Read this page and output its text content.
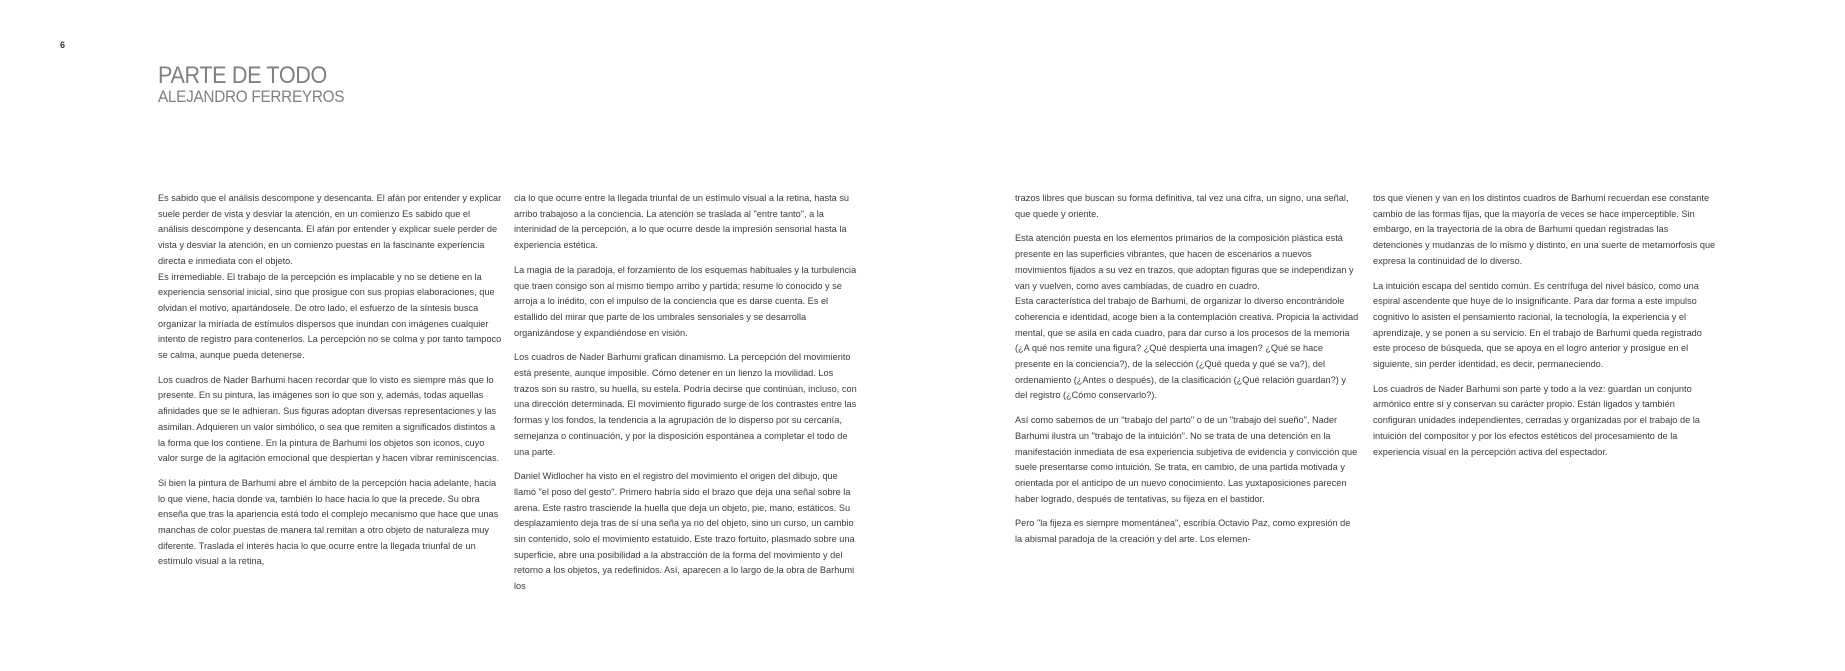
6
PARTE DE TODO
ALEJANDRO FERREYROS

Es sabido que el análisis descompone y desencanta. El afán por entender y explicar suele perder de vista y desviar la atención, en un comienzo Es sabido que el análisis descompone y desencanta. El afán por entender y explicar suele perder de vista y desviar la atención, en un comienzo puestas en la fascinante experiencia directa e inmediata con el objeto.

Es irremediable. El trabajo de la percepción es implacable y no se detiene en la experiencia sensorial inicial, sino que prosigue con sus propias elaboraciones, que olvidan el motivo, apartándosele. De otro lado, el esfuerzo de la síntesis busca organizar la miríada de estímulos dispersos que inundan con imágenes cualquier intento de registro para contenerlos. La percepción no se colma y por tanto tampoco se calma, aunque pueda detenerse.

Los cuadros de Nader Barhumi hacen recordar que lo visto es siempre más que lo presente. En su pintura, las imágenes son lo que son y, además, todas aquellas afinidades que se le adhieran. Sus figuras adoptan diversas representaciones y las asimilan. Adquieren un valor simbólico, o sea que remiten a significados distintos a la forma que los contiene. En la pintura de Barhumi los objetos son iconos, cuyo valor surge de la agitación emocional que despiertan y hacen vibrar reminiscencias.

Si bien la pintura de Barhumi abre el ámbito de la percepción hacia adelante, hacia lo que viene, hacia donde va, también lo hace hacia lo que la precede. Su obra enseña que tras la apariencia está todo el complejo mecanismo que hace que unas manchas de color puestas de manera tal remitan a otro objeto de naturaleza muy diferente. Traslada el interés hacia lo que ocurre entre la llegada triunfal de un estímulo visual a la retina,

cia lo que ocurre entre la llegada triunfal de un estímulo visual a la retina, hasta su arribo trabajoso a la conciencia. La atención se traslada al "entre tanto", a la interinidad de la percepción, a lo que ocurre desde la impresión sensorial hasta la experiencia estética.

La magia de la paradoja, el forzamiento de los esquemas habituales y la turbulencia que traen consigo son al mismo tiempo arribo y partida; resume lo conocido y se arroja a lo inédito, con el impulso de la conciencia que es darse cuenta. Es el estallido del mirar que parte de los umbrales sensoriales y se desarrolla organizándose y expandiéndose en visión.

Los cuadros de Nader Barhumi grafican dinamismo. La percepción del movimiento está presente, aunque imposible. Cómo detener en un lienzo la movilidad. Los trazos son su rastro, su huella, su estela. Podría decirse que continúan, incluso, con una dirección determinada. El movimiento figurado surge de los contrastes entre las formas y los fondos, la tendencia a la agrupación de lo disperso por su cercanía, semejanza o continuación, y por la disposición espontánea a completar el todo de una parte.

Daniel Widlocher ha visto en el registro del movimiento el origen del dibujo, que llamó "el poso del gesto". Primero habría sido el brazo que deja una señal sobre la arena. Este rastro trasciende la huella que deja un objeto, pie, mano, estáticos. Su desplazamiento deja tras de sí una seña ya no del objeto, sino un curso, un cambio sin contenido, solo el movimiento estatuido. Este trazo fortuito, plasmado sobre una superficie, abre una posibilidad a la abstracción de la forma del movimiento y del retorno a los objetos, ya redefinidos. Así, aparecen a lo largo de la obra de Barhumi los

trazos libres que buscan su forma definitiva, tal vez una cifra, un signo, una señal, que quede y oriente.

Esta atención puesta en los elementos primarios de la composición plástica está presente en las superficies vibrantes, que hacen de escenarios a nuevos movimientos fijados a su vez en trazos, que adoptan figuras que se independizan y van y vuelven, como aves cambiadas, de cuadro en cuadro.

Esta característica del trabajo de Barhumi, de organizar lo diverso encontrándole coherencia e identidad, acoge bien a la contemplación creativa. Propicia la actividad mental, que se asila en cada cuadro, para dar curso a los procesos de la memoria (¿A qué nos remite una figura? ¿Qué despierta una imagen? ¿Qué se hace presente en la conciencia?), de la selección (¿Qué queda y qué se va?), del ordenamiento (¿Antes o después), de la clasificación (¿Qué relación guardan?) y del registro (¿Cómo conservarlo?).

Así como sabemos de un "trabajo del parto" o de un "trabajo del sueño", Nader Barhumi ilustra un "trabajo de la intuición". No se trata de una detención en la manifestación inmediata de esa experiencia subjetiva de evidencia y convicción que suele presentarse como intuición. Se trata, en cambio, de una partida motivada y orientada por el anticipo de un nuevo conocimiento. Las yuxtaposiciones parecen haber logrado, después de tentativas, su fijeza en el bastidor.

Pero "la fijeza es siempre momentánea", escribía Octavio Paz, como expresión de la abismal paradoja de la creación y del arte. Los elemen-

tos que vienen y van en los distintos cuadros de Barhumi recuerdan ese constante cambio de las formas fijas, que la mayoría de veces se hace imperceptible. Sin embargo, en la trayectoria de la obra de Barhumi quedan registradas las detenciones y mudanzas de lo mismo y distinto, en una suerte de metamorfosis que expresa la continuidad de lo diverso.

La intuición escapa del sentido común. Es centrífuga del nivel básico, como una espiral ascendente que huye de lo insignificante. Para dar forma a este impulso cognitivo lo asisten el pensamiento racional, la tecnología, la experiencia y el aprendizaje, y se ponen a su servicio. En el trabajo de Barhumi queda registrado este proceso de búsqueda, que se apoya en el logro anterior y prosigue en el siguiente, sin perder identidad, es decir, permaneciendo.

Los cuadros de Nader Barhumi son parte y todo a la vez: guardan un conjunto armónico entre sí y conservan su carácter propio. Están ligados y también configuran unidades independientes, cerradas y organizadas por el trabajo de la intuición del compositor y por los efectos estéticos del procesamiento de la experiencia visual en la percepción activa del espectador.
